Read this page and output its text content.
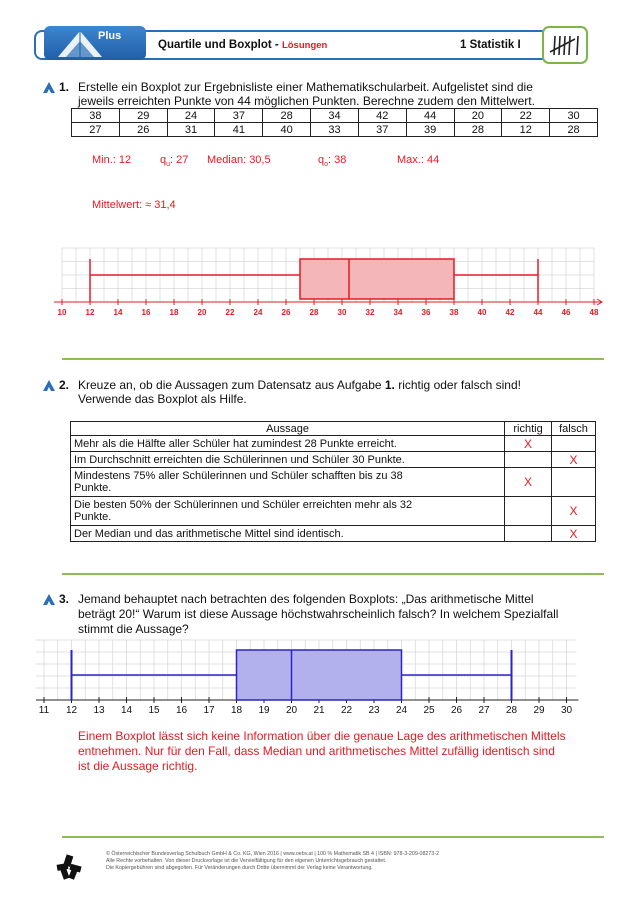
Plus
Quartile und Boxplot - Lösungen	1 Statistik I
1. Erstelle ein Boxplot zur Ergebnisliste einer Mathematikschularbeit. Aufgelistet sind die
jeweils erreichten Punkte von 44 möglichen Punkten. Berechne zudem den Mittelwert.
38	29	24	37	28	34	42	44	20	22	30
27	26	31	41	40	33	37	39	28	12	28
Min.: 12	$q_u$: 27 Median: 30,5	$q_o$: 38	Max.: 44
Mittelwert: ≈ 31,4
10 12 14 16 18 20 22 24 26 28 30 32 34 36 38 40 42 44 46 48
2. Kreuze an, ob die Aussagen zum Datensatz aus Aufgabe 1. richtig oder falsch sind!
Verwende das Boxplot als Hilfe.
Aussage	richtig	falsch
Mehr als die Hälfte aller Schüler hat zumindest 28 Punkte erreicht.	X	
Im Durchschnitt erreichten die Schülerinnen und Schüler 30 Punkte.		X

Mindestens 75% aller Schülerinnen und Schüler schafften bis zu 38
Punkte.	X	

Die besten 50% der Schülerinnen und Schüler erreichten mehr als 32
Punkte.		X
Der Median und das arithmetische Mittel sind identisch.		X
3. Jemand behauptet nach betrachten des folgenden Boxplots: „Das arithmetische Mittel
beträgt 20!“ Warum ist diese Aussage höchstwahrscheinlich falsch? In welchem Spezialfall
stimmt die Aussage?
11 12 13 14 15 16 17 18 19 20 21 22 23 24 25 26 27 28 29 30
Einem Boxplot lässt sich keine Information über die genaue Lage des arithmetischen Mittels
entnehmen. Nur für den Fall, dass Median und arithmetisches Mittel zufällig identisch sind
ist die Aussage richtig.
© Österreichischer Bundesverlag Schulbuch GmbH & Co. KG, Wien 2016 | www.oebv.at | 100 % Mathematik SB 4 | ISBN: 978-3-209-08273-2
Alle Rechte vorbehalten. Von dieser Druckvorlage ist die Vervielfältigung für den eigenen Unterrichtsgebrauch gestattet.
Die Kopiergebühren sind abgegolten. Für Veränderungen durch Dritte übernimmt der Verlag keine Verantwortung.
